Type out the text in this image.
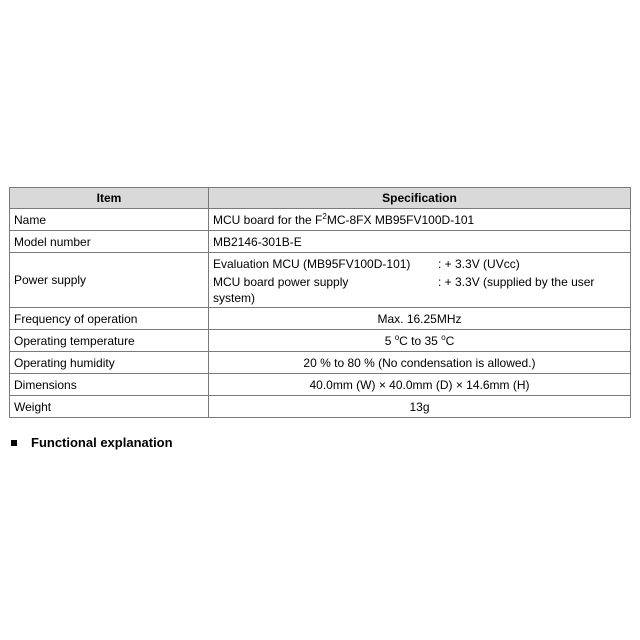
Item	Specification
Name	MCU board for the $F^2MC-8FX$ MB95FV100D-101
Model number	MB2146-301B-E
Power supply	Evaluation MCU (MB95FV100D-101) : + 3.3V (UVcc)
MCU board power supply : + 3.3V (supplied by the user
system)

Frequency of operation	Max. 16.25MHz
Operating temperature	5 $^o$C to 35 $^o$C
Operating humidity	20 % to 80 % (No condensation is allowed.)
Dimensions	40.0mm (W) × 40.0mm (D) × 14.6mm (H)
Weight	13g
Functional explanation
